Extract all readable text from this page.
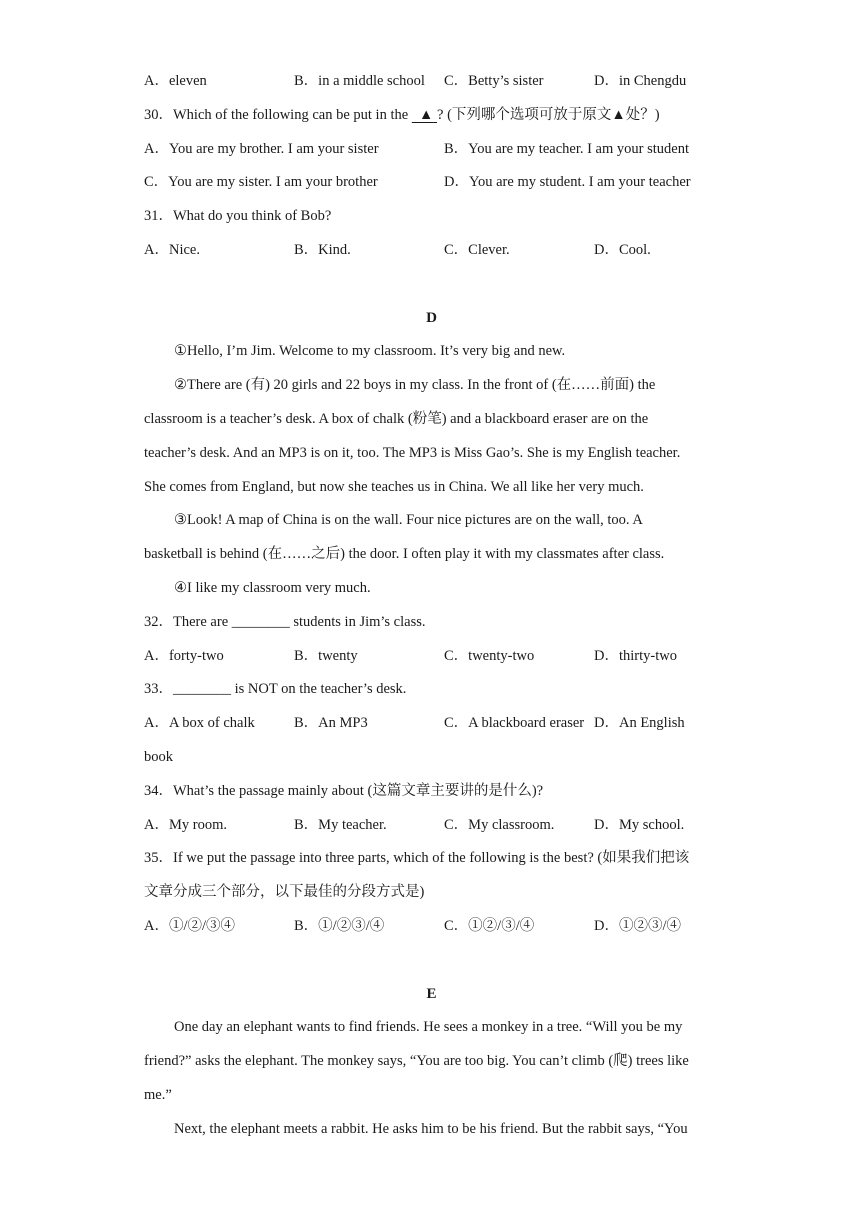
A．eleven	B．in a middle school C．Betty’s sister	D．in Chengdu
30．Which of the following can be put in the   ▲ ? (下列哪个选项可放于原文▲处？)
A．You are my brother. I am your sister	B．You are my teacher. I am your student
C．You are my sister. I am your brother	D．You are my student. I am your teacher
31．What do you think of Bob?
A．Nice.	B．Kind.	C．Clever.	D．Cool.
D
①Hello, I’m Jim. Welcome to my classroom. It’s very big and new.
②There are (有) 20 girls and 22 boys in my class. In the front of (在……前面) the
classroom is a teacher’s desk. A box of chalk (粉笔) and a blackboard eraser are on the
teacher’s desk. And an MP3 is on it, too. The MP3 is Miss Gao’s. She is my English teacher.
She comes from England, but now she teaches us in China. We all like her very much.
③Look! A map of China is on the wall. Four nice pictures are on the wall, too. A
basketball is behind (在……之后) the door. I often play it with my classmates after class.
④I like my classroom very much.
32．There are ________ students in Jim’s class.
A．forty-two	B．twenty	C．twenty-two	D．thirty-two
33．________ is NOT on the teacher’s desk.
A．A box of chalk	B．An MP3	C．A blackboard eraser D．An English
book
34．What’s the passage mainly about (这篇文章主要讲的是什么)?
A．My room.	B．My teacher.	C．My classroom.	D．My school.
35．If we put the passage into three parts, which of the following is the best? (如果我们把该
文章分成三个部分，以下最佳的分段方式是)
A．①/②/③④	B．①/②③/④	C．①②/③/④	D．①②③/④
E
One day an elephant wants to find friends. He sees a monkey in a tree. “Will you be my
friend?” asks the elephant. The monkey says, “You are too big. You can’t climb (爬) trees like
me.”
Next, the elephant meets a rabbit. He asks him to be his friend. But the rabbit says, “You
